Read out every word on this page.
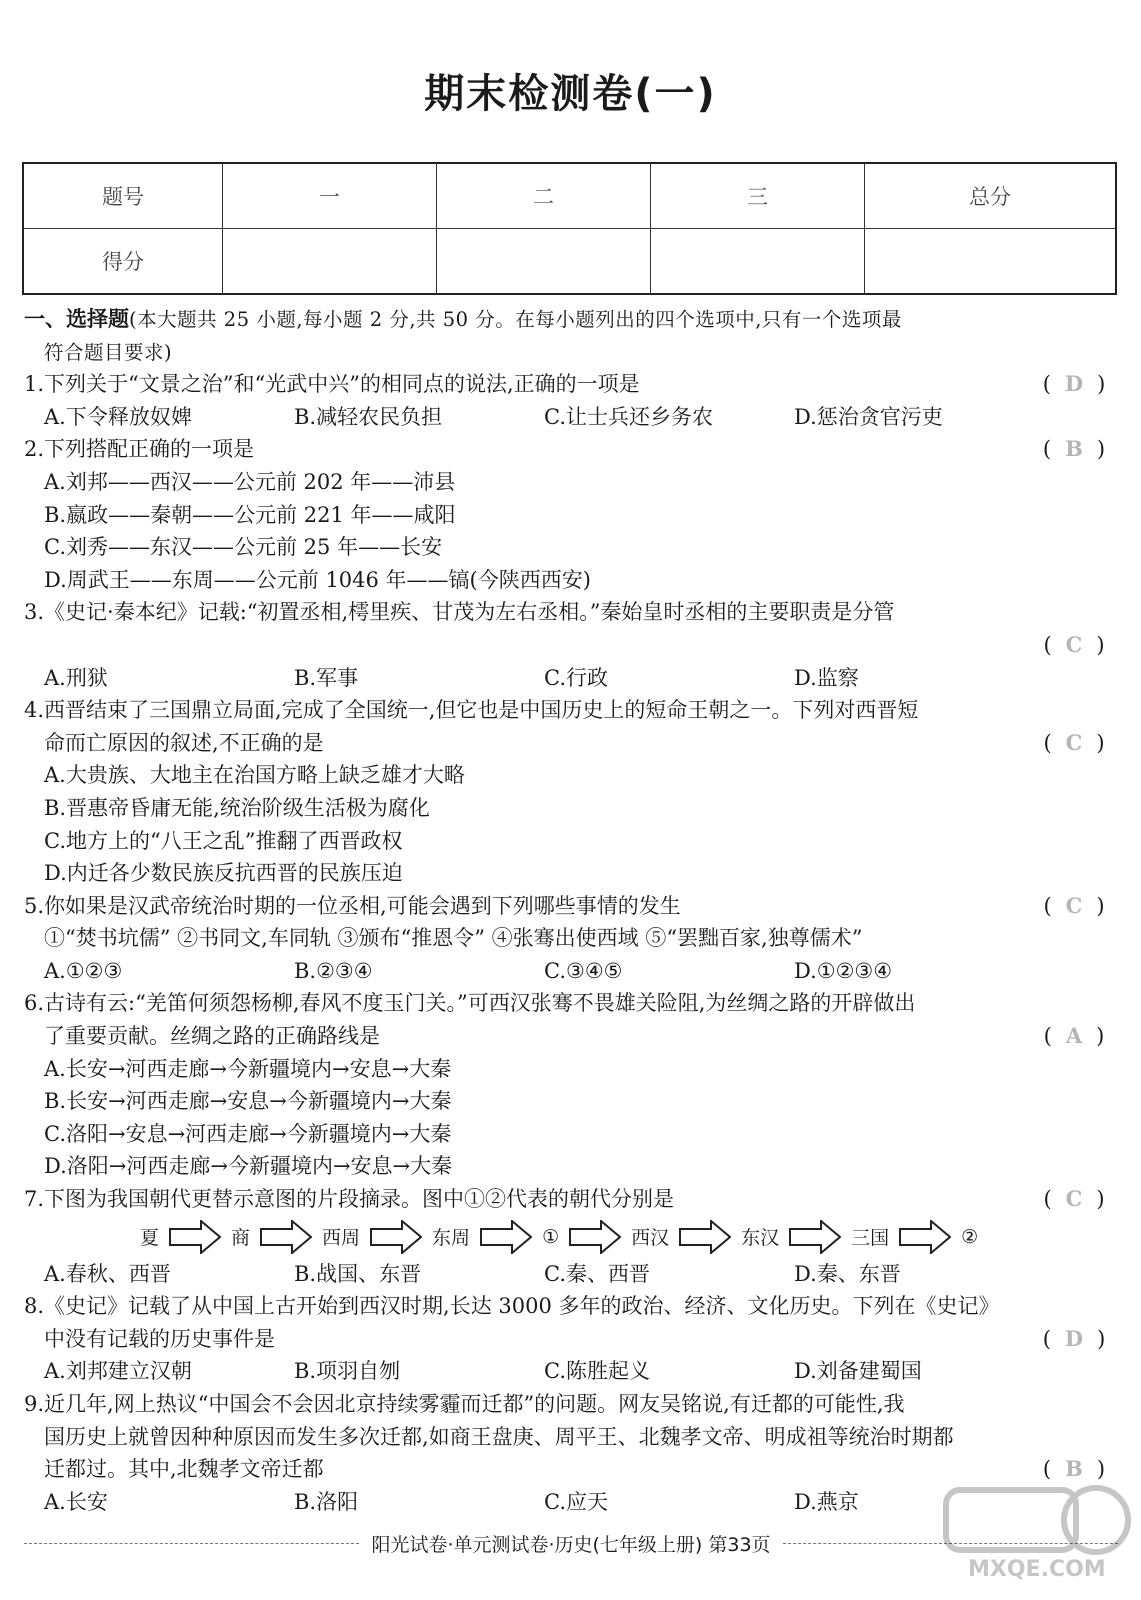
期末检测卷(一)
题号	一	二	三	总分
得分				
一、选择题(本大题共 25 小题,每小题 2 分,共 50 分。在每小题列出的四个选项中,只有一个选项最
符合题目要求)
1.下列关于“文景之治”和“光武中兴”的相同点的说法,正确的一项是	( D )
A.下令释放奴婢	B.减轻农民负担	C.让士兵还乡务农	D.惩治贪官污吏
2.下列搭配正确的一项是	( B )
A.刘邦——西汉——公元前 202 年——沛县
B.嬴政——秦朝——公元前 221 年——咸阳
C.刘秀——东汉——公元前 25 年——长安
D.周武王——东周——公元前 1046 年——镐(今陕西西安)
3.《史记·秦本纪》记载:“初置丞相,樗里疾、甘茂为左右丞相。”秦始皇时丞相的主要职责是分管
( C )
A.刑狱	B.军事	C.行政	D.监察
4.西晋结束了三国鼎立局面,完成了全国统一,但它也是中国历史上的短命王朝之一。下列对西晋短
命而亡原因的叙述,不正确的是	( C )
A.大贵族、大地主在治国方略上缺乏雄才大略
B.晋惠帝昏庸无能,统治阶级生活极为腐化
C.地方上的“八王之乱”推翻了西晋政权
D.内迁各少数民族反抗西晋的民族压迫
5.你如果是汉武帝统治时期的一位丞相,可能会遇到下列哪些事情的发生	( C )
①“焚书坑儒” ②书同文,车同轨 ③颁布“推恩令” ④张骞出使西域 ⑤“罢黜百家,独尊儒术”
A.①②③	B.②③④	C.③④⑤	D.①②③④
6.古诗有云:“羌笛何须怨杨柳,春风不度玉门关。”可西汉张骞不畏雄关险阻,为丝绸之路的开辟做出
了重要贡献。丝绸之路的正确路线是	( A )
A.长安→河西走廊→今新疆境内→安息→大秦
B.长安→河西走廊→安息→今新疆境内→大秦
C.洛阳→安息→河西走廊→今新疆境内→大秦
D.洛阳→河西走廊→今新疆境内→安息→大秦
7.下图为我国朝代更替示意图的片段摘录。图中①②代表的朝代分别是	( C )
夏	商	西周	东周	①	西汉	东汉	三国	②
A.春秋、西晋	B.战国、东晋	C.秦、西晋	D.秦、东晋
8.《史记》记载了从中国上古开始到西汉时期,长达 3000 多年的政治、经济、文化历史。下列在《史记》
中没有记载的历史事件是	( D )
A.刘邦建立汉朝	B.项羽自刎	C.陈胜起义	D.刘备建蜀国
9.近几年,网上热议“中国会不会因北京持续雾霾而迁都”的问题。网友吴铭说,有迁都的可能性,我
国历史上就曾因种种原因而发生多次迁都,如商王盘庚、周平王、北魏孝文帝、明成祖等统治时期都
迁都过。其中,北魏孝文帝迁都	( B )
A.长安	B.洛阳	C.应天	D.燕京
阳光试卷·单元测试卷·历史(七年级上册) 第33页
MXQE.COM
